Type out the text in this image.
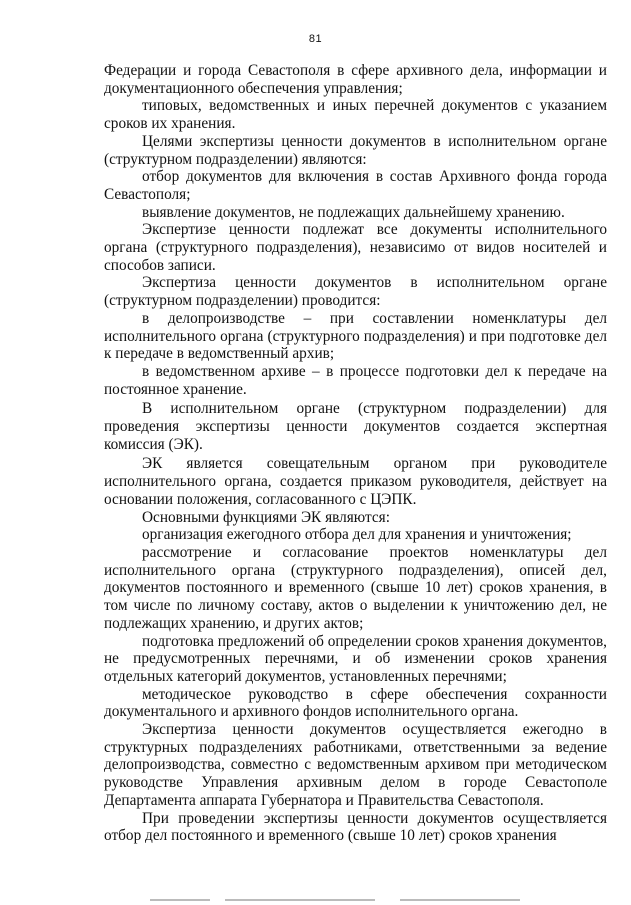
81

Федерации и города Севастополя в сфере архивного дела, информации и документационного обеспечения управления;

типовых, ведомственных и иных перечней документов с указанием сроков их хранения.

Целями экспертизы ценности документов в исполнительном органе (структурном подразделении) являются:

отбор документов для включения в состав Архивного фонда города Севастополя;

выявление документов, не подлежащих дальнейшему хранению.

Экспертизе ценности подлежат все документы исполнительного органа (структурного подразделения), независимо от видов носителей и способов записи.

Экспертиза ценности документов в исполнительном органе (структурном подразделении) проводится:

в делопроизводстве – при составлении номенклатуры дел исполнительного органа (структурного подразделения) и при подготовке дел к передаче в ведомственный архив;

в ведомственном архиве – в процессе подготовки дел к передаче на постоянное хранение.

В исполнительном органе (структурном подразделении) для проведения экспертизы ценности документов создается экспертная комиссия (ЭК).

ЭК является совещательным органом при руководителе исполнительного органа, создается приказом руководителя, действует на основании положения, согласованного с ЦЭПК.

Основными функциями ЭК являются:

организация ежегодного отбора дел для хранения и уничтожения;

рассмотрение и согласование проектов номенклатуры дел исполнительного органа (структурного подразделения), описей дел, документов постоянного и временного (свыше 10 лет) сроков хранения, в том числе по личному составу, актов о выделении к уничтожению дел, не подлежащих хранению, и других актов;

подготовка предложений об определении сроков хранения документов, не предусмотренных перечнями, и об изменении сроков хранения отдельных категорий документов, установленных перечнями;

методическое руководство в сфере обеспечения сохранности документального и архивного фондов исполнительного органа.

Экспертиза ценности документов осуществляется ежегодно в структурных подразделениях работниками, ответственными за ведение делопроизводства, совместно с ведомственным архивом при методическом руководстве Управления архивным делом в городе Севастополе Департамента аппарата Губернатора и Правительства Севастополя.

При проведении экспертизы ценности документов осуществляется отбор дел постоянного и временного (свыше 10 лет) сроков хранения
